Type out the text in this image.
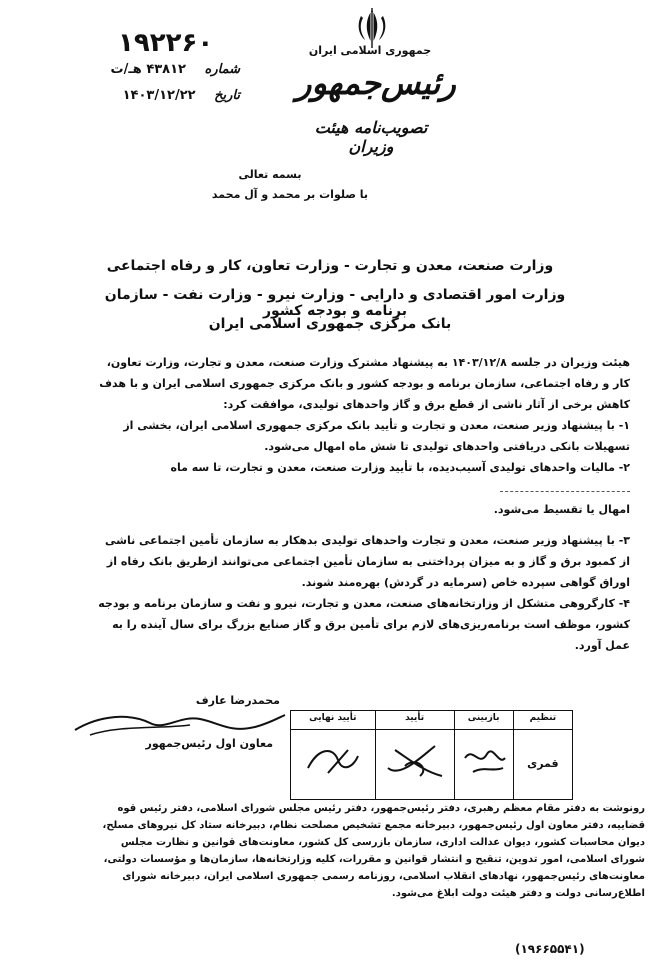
۱۹۲۲۶۰
شماره ۴۳۸۱۲ هـ/ت
تاریخ ۱۴۰۳/۱۲/۲۲
جمهوری اسلامی ایران
رئیس‌جمهور
تصویب‌نامه هیئت وزیران
بسمه تعالی
با صلوات بر محمد و آل محمد
وزارت صنعت، معدن و تجارت - وزارت تعاون، کار و رفاه اجتماعی
وزارت امور اقتصادی و دارایی - وزارت نیرو - وزارت نفت - سازمان برنامه و بودجه کشور
بانک مرکزی جمهوری اسلامی ایران

هیئت وزیران در جلسه ۱۴۰۳/۱۲/۸ به پیشنهاد مشترک وزارت صنعت، معدن و تجارت، وزارت تعاون، کار و رفاه اجتماعی، سازمان برنامه و بودجه کشور و بانک مرکزی جمهوری اسلامی ایران و با هدف کاهش برخی از آثار ناشی از قطع برق و گاز واحدهای تولیدی، موافقت کرد:

۱- با پیشنهاد وزیر صنعت، معدن و تجارت و تأیید بانک مرکزی جمهوری اسلامی ایران، بخشی از تسهیلات بانکی دریافتی واحدهای تولیدی تا شش ماه امهال می‌شود.

۲- مالیات واحدهای تولیدی آسیب‌دیده، با تأیید وزارت صنعت، معدن و تجارت، تا سه ماه

امهال یا تقسیط می‌شود.

۳- با پیشنهاد وزیر صنعت، معدن و تجارت واحدهای تولیدی بدهکار به سازمان تأمین اجتماعی ناشی از کمبود برق و گاز و به میزان پرداختنی به سازمان تأمین اجتماعی می‌توانند ازطریق بانک رفاه از اوراق گواهی سپرده خاص (سرمایه در گردش) بهره‌مند شوند.

۴- کارگروهی متشکل از وزارتخانه‌های صنعت، معدن و تجارت، نیرو و نفت و سازمان برنامه و بودجه کشور، موظف است برنامه‌ریزی‌های لازم برای تأمین برق و گاز صنایع بزرگ برای سال آینده را به عمل آورد.

محمدرضا عارف
معاون اول رئیس‌جمهور
تأیید نهایی	تأیید	بازبینی	تنظیم
			قمری
رونوشت به دفتر مقام معظم رهبری، دفتر رئیس‌جمهور، دفتر رئیس مجلس شورای اسلامی، دفتر رئیس قوه قضاییه، دفتر معاون اول رئیس‌جمهور، دبیرخانه مجمع تشخیص مصلحت نظام، دبیرخانه ستاد کل نیروهای مسلح، دیوان محاسبات کشور، دیوان عدالت اداری، سازمان بازرسی کل کشور، معاونت‌های قوانین و نظارت مجلس شورای اسلامی، امور تدوین، تنقیح و انتشار قوانین و مقررات، کلیه وزارتخانه‌ها، سازمان‌ها و مؤسسات دولتی، معاونت‌های رئیس‌جمهور، نهادهای انقلاب اسلامی، روزنامه رسمی جمهوری اسلامی ایران، دبیرخانه شورای اطلاع‌رسانی دولت و دفتر هیئت دولت ابلاغ می‌شود.
(۱۹۶۶۵۵۴۱)
